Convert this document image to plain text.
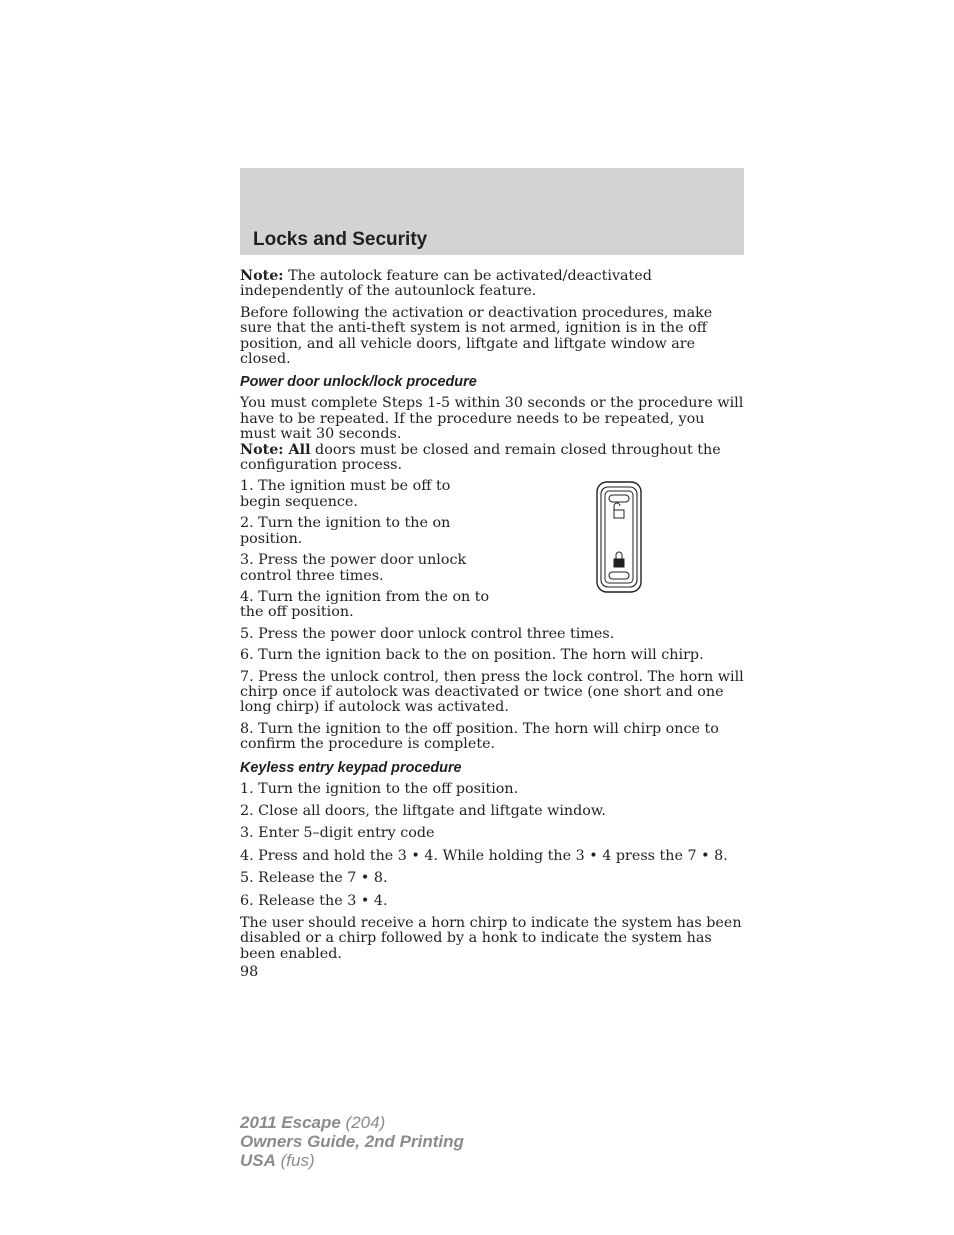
Locks and Security

Note: The autolock feature can be activated/deactivated independently of the autounlock feature.

Before following the activation or deactivation procedures, make sure that the anti-theft system is not armed, ignition is in the off position, and all vehicle doors, liftgate and liftgate window are closed.

Power door unlock/lock procedure

You must complete Steps 1-5 within 30 seconds or the procedure will have to be repeated. If the procedure needs to be repeated, you must wait 30 seconds.

Note: All doors must be closed and remain closed throughout the configuration process.

1. The ignition must be off to begin sequence.

2. Turn the ignition to the on position.

3. Press the power door unlock control three times.

4. Turn the ignition from the on to the off position.

5. Press the power door unlock control three times.

6. Turn the ignition back to the on position. The horn will chirp.

7. Press the unlock control, then press the lock control. The horn will chirp once if autolock was deactivated or twice (one short and one long chirp) if autolock was activated.

8. Turn the ignition to the off position. The horn will chirp once to confirm the procedure is complete.

Keyless entry keypad procedure

1. Turn the ignition to the off position.

2. Close all doors, the liftgate and liftgate window.

3. Enter 5–digit entry code

4. Press and hold the 3 • 4. While holding the 3 • 4 press the 7 • 8.

5. Release the 7 • 8.

6. Release the 3 • 4.

The user should receive a horn chirp to indicate the system has been disabled or a chirp followed by a honk to indicate the system has been enabled.

98
2011 Escape (204)
Owners Guide, 2nd Printing
USA (fus)
